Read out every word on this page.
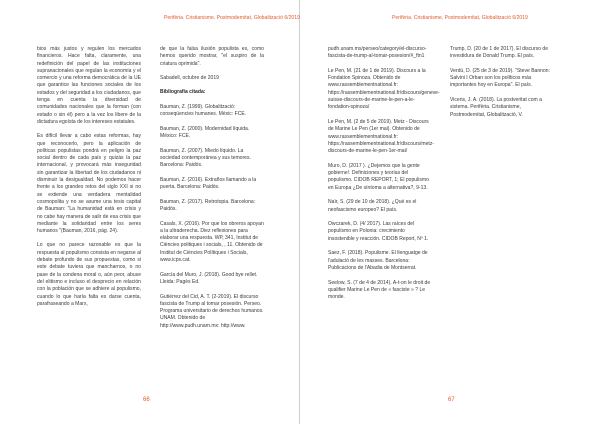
Perifèria. Cristianisme, Postmodernitat, Globalització 6/2019

bios más justos y regulen los mercados financieros. Hace falta, claramente, una redefinición del papel de las instituciones supranacionales que regulan la economía y el comercio y una reforma democrática de la UE que garantice las funciones sociales de los estados y del seguridad a los ciudadanos, que tenga en cuenta la diversidad de comunidades nacionales que la forman (con estado o sin él) pero a la vez los libere de la dictadura egoísta de los intereses estatales.

Es difícil llevar a cabo estas reformas, hay que reconocerlo, pero la aplicación de políticas populistas pondrá en peligro la paz social dentro de cada país y quizás la paz internacional, y provocará más inseguridad sin garantizar la libertad de los ciudadanos ni disminuir la desigualdad. No podemos hacer frente a los grandes retos del siglo XXI si no se extiende una verdadera mentalidad cosmopolita y no se asume una tesis capital de Bauman: "La humanidad está en crisis y no cabe hay manera de salir de esa crisis que mediante la solidaridad entre los seres humanos "(Bauman, 2016, pág. 24).

Lo que no parece razonable es que la respuesta al populismo consista en negarse al debate profundo de sus propuestas, como si este debate tuviera que mancharnos, o no pase de la condena moral o, aún peor, abuse del elitismo e incluso el desprecio en relación con la población que se adhiere al populismo, cuando lo que haría falta es darse cuenta, parafraseando a Marx,

de que la falsa ilusión populista es, como hemos querido mostrar, "el suspiro de la criatura oprimida".

Sabadell, octubre de 2019

Bibliografía citada:

Bauman, Z. (1999). Globalització: conseqüencies humanes. Mèxic: FCE.

Bauman, Z. (2000). Modernidad líquida. México: FCE.

Bauman, Z. (2007). Miedo líquido. La sociedad contemporánea y sus temores. Barcelona: Paidós.

Bauman, Z. (2016). Extraños llamando a la puerta. Barcelona: Paidós.

Bauman, Z. (2017). Retrotopia. Barcelona: Paidós.

Casals, X. (2016). Por que los obreros apoyan a la ultraderecha. Diez reflexiones para elaborar una respuesta. WP, 341, Institut de Ciències politiques i socials, , 11. Obtenido de Institut de Ciències Polítiques i Socials, www.icps.cat.

García del Muro, J. (2018). Good bye rellet. Lleida: Pagès Ed.

Gutiérrez del Cid, A. T. (2-2019). El discurso fascista de Trump al tomar posesión. Perseo. Programa universitario de derechos humanos. UNAM. Obtenido de http://www.pudh.unam.mx: http://www.

66
Perifèria. Cristianisme, Postmodernitat, Globalització 6/2019

pudh.unam.mx/perseo/category/el-discurso-fascista-de-trump-al-tomar-posesion/#_ftn1

Le Pen, M. (21 de 1 de 2019). Discours a la Fondation Spinoza. Obtenido de www.rassemblementnational.fr: https://rassemblementnational.fr/discours/geneve-suisse-discours-de-marine-le-pen-a-le-fondation-spinoza/

Le Pen, M. (2 de 5 de 2019). Metz - Discours de Marine Le Pen (1er mai). Obtenido de www.rassemblementnational.fr: https://rassemblementnational.fr/discours/metz-discours-de-marine-le-pen-1er-mai/

Muro, D. (2017 ). ¿Dejemos que la gente gobierne!. Definiciones y teorías del populismo. CIDOB REPORT, 1; El populismo en Europa ¿De síntoma a alternativa?, 9-13.

Naïr, S. (29 de 10 de 2018). ¿Qué es el neofascismo europeo? El país.

Owczarek, D. (4/ 2017). Las raíces del populismo en Polonia: crecimiento insostenible y reacción. CIDOB Report, Nº 1.

Saez, F. (2018). Populisme. El llenguatge de l'adulació de les masses. Barcelona: Publicacions de l'Abadia de Montserrat.

Seelow, S. (7 de 4 de 2014). A-t-on le droit de qualifier Marine Le Pen de « fasciste » ? Le monde.

Trump, D. (20 de 1 de 2017). El discurso de investidura de Donald Trump. El país.

Verdú, D. (25 de 3 de 2019). "Steve Bannon: Salvini I Orban son los políticos más importantes hoy en Europa". El país.

Vicens, J. A. (2018). La postveritat com a sistema. Perifèria. Cristianisme, Postmodernitat, Globalització, V.

67
